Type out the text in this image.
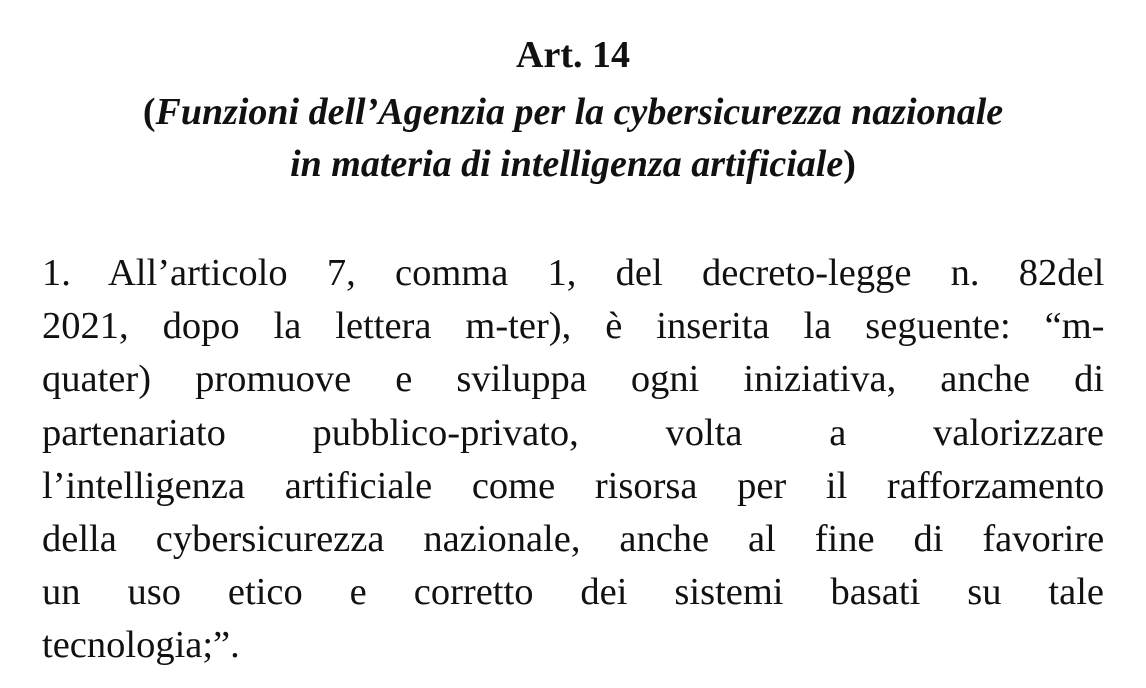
Art. 14
(Funzioni dell’Agenzia per la cybersicurezza nazionale
in materia di intelligenza artificiale)
1. All’articolo 7, comma 1, del decreto-legge n. 82del
2021, dopo la lettera m-ter), è inserita la seguente: “m-
quater) promuove e sviluppa ogni iniziativa, anche di
partenariato pubblico-privato, volta a valorizzare
l’intelligenza artificiale come risorsa per il rafforzamento
della cybersicurezza nazionale, anche al fine di favorire
un uso etico e corretto dei sistemi basati su tale
tecnologia;”.
